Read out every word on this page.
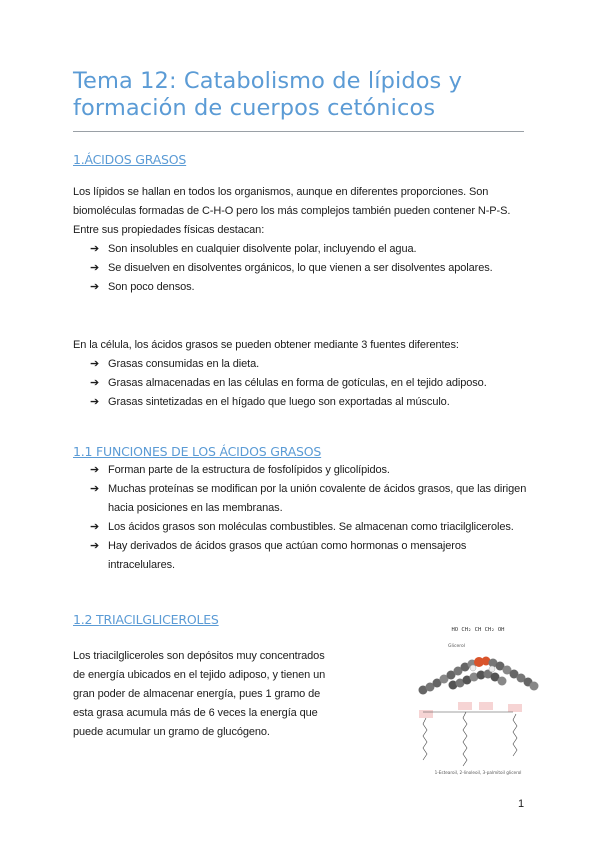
Tema 12: Catabolismo de lípidos y formación de cuerpos cetónicos
1.ÁCIDOS GRASOS

Los lípidos se hallan en todos los organismos, aunque en diferentes proporciones. Son biomoléculas formadas de C-H-O pero los más complejos también pueden contener N-P-S. Entre sus propiedades físicas destacan:

➔ Son insolubles en cualquier disolvente polar, incluyendo el agua.
➔ Se disuelven en disolventes orgánicos, lo que vienen a ser disolventes apolares.
➔ Son poco densos.

En la célula, los ácidos grasos se pueden obtener mediante 3 fuentes diferentes:

➔ Grasas consumidas en la dieta.
➔ Grasas almacenadas en las células en forma de gotículas, en el tejido adiposo.
➔ Grasas sintetizadas en el hígado que luego son exportadas al músculo.
1.1 FUNCIONES DE LOS ÁCIDOS GRASOS
➔ Forman parte de la estructura de fosfolípidos y glicolípidos.
➔ Muchas proteínas se modifican por la unión covalente de ácidos grasos, que las dirigen hacia posiciones en las membranas.
➔ Los ácidos grasos son moléculas combustibles. Se almacenan como triacilgliceroles.
➔ Hay derivados de ácidos grasos que actúan como hormonas o mensajeros intracelulares.
1.2 TRIACILGLICEROLES

Los triacilgliceroles son depósitos muy concentrados de energía ubicados en el tejido adiposo, y tienen un gran poder de almacenar energía, pues 1 gramo de esta grasa acumula más de 6 veces la energía que puede acumular un gramo de glucógeno.

HO CH₂ CH CH₂ OH
Glicerol
1-Estearoil, 2-linoleoil, 3-palmitoil glicerol
1
